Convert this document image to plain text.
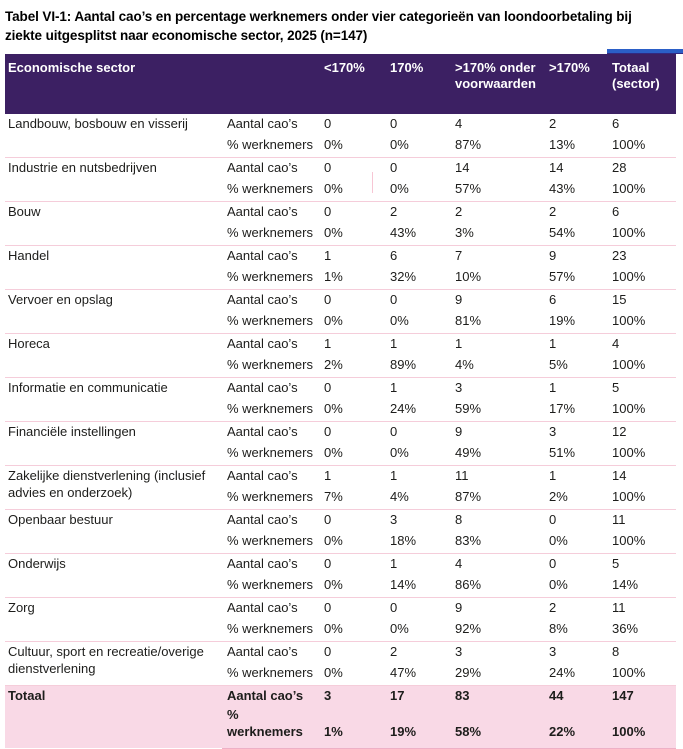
Tabel VI-1: Aantal cao’s en percentage werknemers onder vier categorieën van loondoorbetaling bij ziekte uitgesplitst naar economische sector, 2025 (n=147)
Economische sector		<170%	170%	>170% onder voorwaarden	>170%	Totaal (sector)
Landbouw, bosbouw en visserij	Aantal cao’s	0	0	4	2	6
	% werknemers	0%	0%	87%	13%	100%
Industrie en nutsbedrijven	Aantal cao’s	0	0	14	14	28
	% werknemers	0%	0%	57%	43%	100%
Bouw	Aantal cao’s	0	2	2	2	6
	% werknemers	0%	43%	3%	54%	100%
Handel	Aantal cao’s	1	6	7	9	23
	% werknemers	1%	32%	10%	57%	100%
Vervoer en opslag	Aantal cao’s	0	0	9	6	15
	% werknemers	0%	0%	81%	19%	100%
Horeca	Aantal cao’s	1	1	1	1	4
	% werknemers	2%	89%	4%	5%	100%
Informatie en communicatie	Aantal cao’s	0	1	3	1	5
	% werknemers	0%	24%	59%	17%	100%
Financiële instellingen	Aantal cao’s	0	0	9	3	12
	% werknemers	0%	0%	49%	51%	100%
Zakelijke dienstverlening (inclusief advies en onderzoek)	Aantal cao’s	1	1	11	1	14
	% werknemers	7%	4%	87%	2%	100%
Openbaar bestuur	Aantal cao’s	0	3	8	0	11
	% werknemers	0%	18%	83%	0%	100%
Onderwijs	Aantal cao’s	0	1	4	0	5
	% werknemers	0%	14%	86%	0%	14%
Zorg	Aantal cao’s	0	0	9	2	11
	% werknemers	0%	0%	92%	8%	36%
Cultuur, sport en recreatie/overige dienstverlening	Aantal cao’s	0	2	3	3	8
	% werknemers	0%	47%	29%	24%	100%
Totaal	Aantal cao’s	3	17	83	44	147
	% werknemers	1%	19%	58%	22%	100%
